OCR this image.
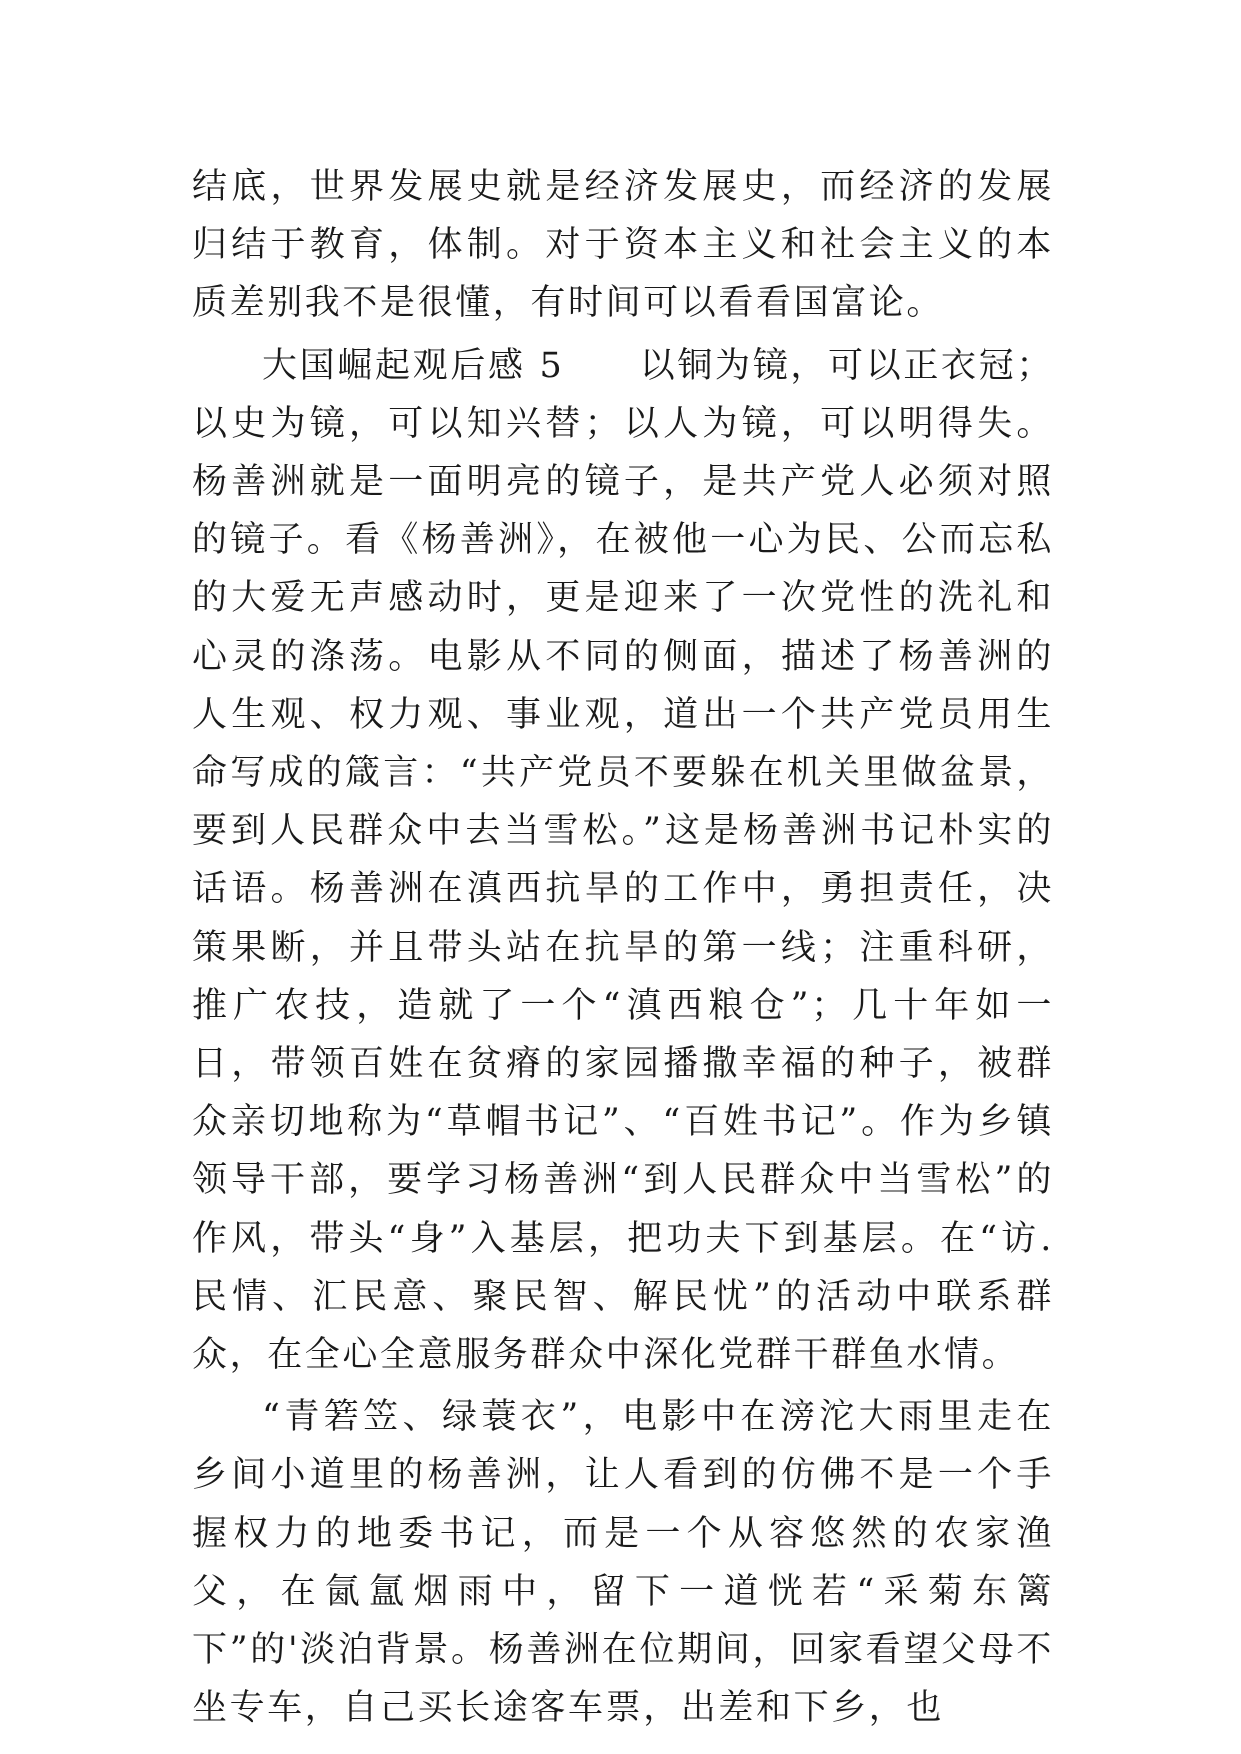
结底，世界发展史就是经济发展史，而经济的发展归结于教育，体制。对于资本主义和社会主义的本质差别我不是很懂，有时间可以看看国富论。

大国崛起观后感 5　　以铜为镜，可以正衣冠；以史为镜，可以知兴替；以人为镜，可以明得失。杨善洲就是一面明亮的镜子，是共产党人必须对照的镜子。看《杨善洲》，在被他一心为民、公而忘私的大爱无声感动时，更是迎来了一次党性的洗礼和心灵的涤荡。电影从不同的侧面，描述了杨善洲的人生观、权力观、事业观，道出一个共产党员用生命写成的箴言：“共产党员不要躲在机关里做盆景，要到人民群众中去当雪松。”这是杨善洲书记朴实的话语。杨善洲在滇西抗旱的工作中，勇担责任，决策果断，并且带头站在抗旱的第一线；注重科研，推广农技，造就了一个“滇西粮仓”；几十年如一日，带领百姓在贫瘠的家园播撒幸福的种子，被群众亲切地称为“草帽书记”、“百姓书记”。作为乡镇领导干部，要学习杨善洲“到人民群众中当雪松”的作风，带头“身”入基层，把功夫下到基层。在“访.民情、汇民意、聚民智、解民忧”的活动中联系群众，在全心全意服务群众中深化党群干群鱼水情。

“青箬笠、绿蓑衣”，电影中在滂沱大雨里走在乡间小道里的杨善洲，让人看到的仿佛不是一个手握权力的地委书记，而是一个从容悠然的农家渔父，在氤氲烟雨中，留下一道恍若“采菊东篱下”的'淡泊背景。杨善洲在位期间，回家看望父母不坐专车，自己买长途客车票，出差和下乡，也
